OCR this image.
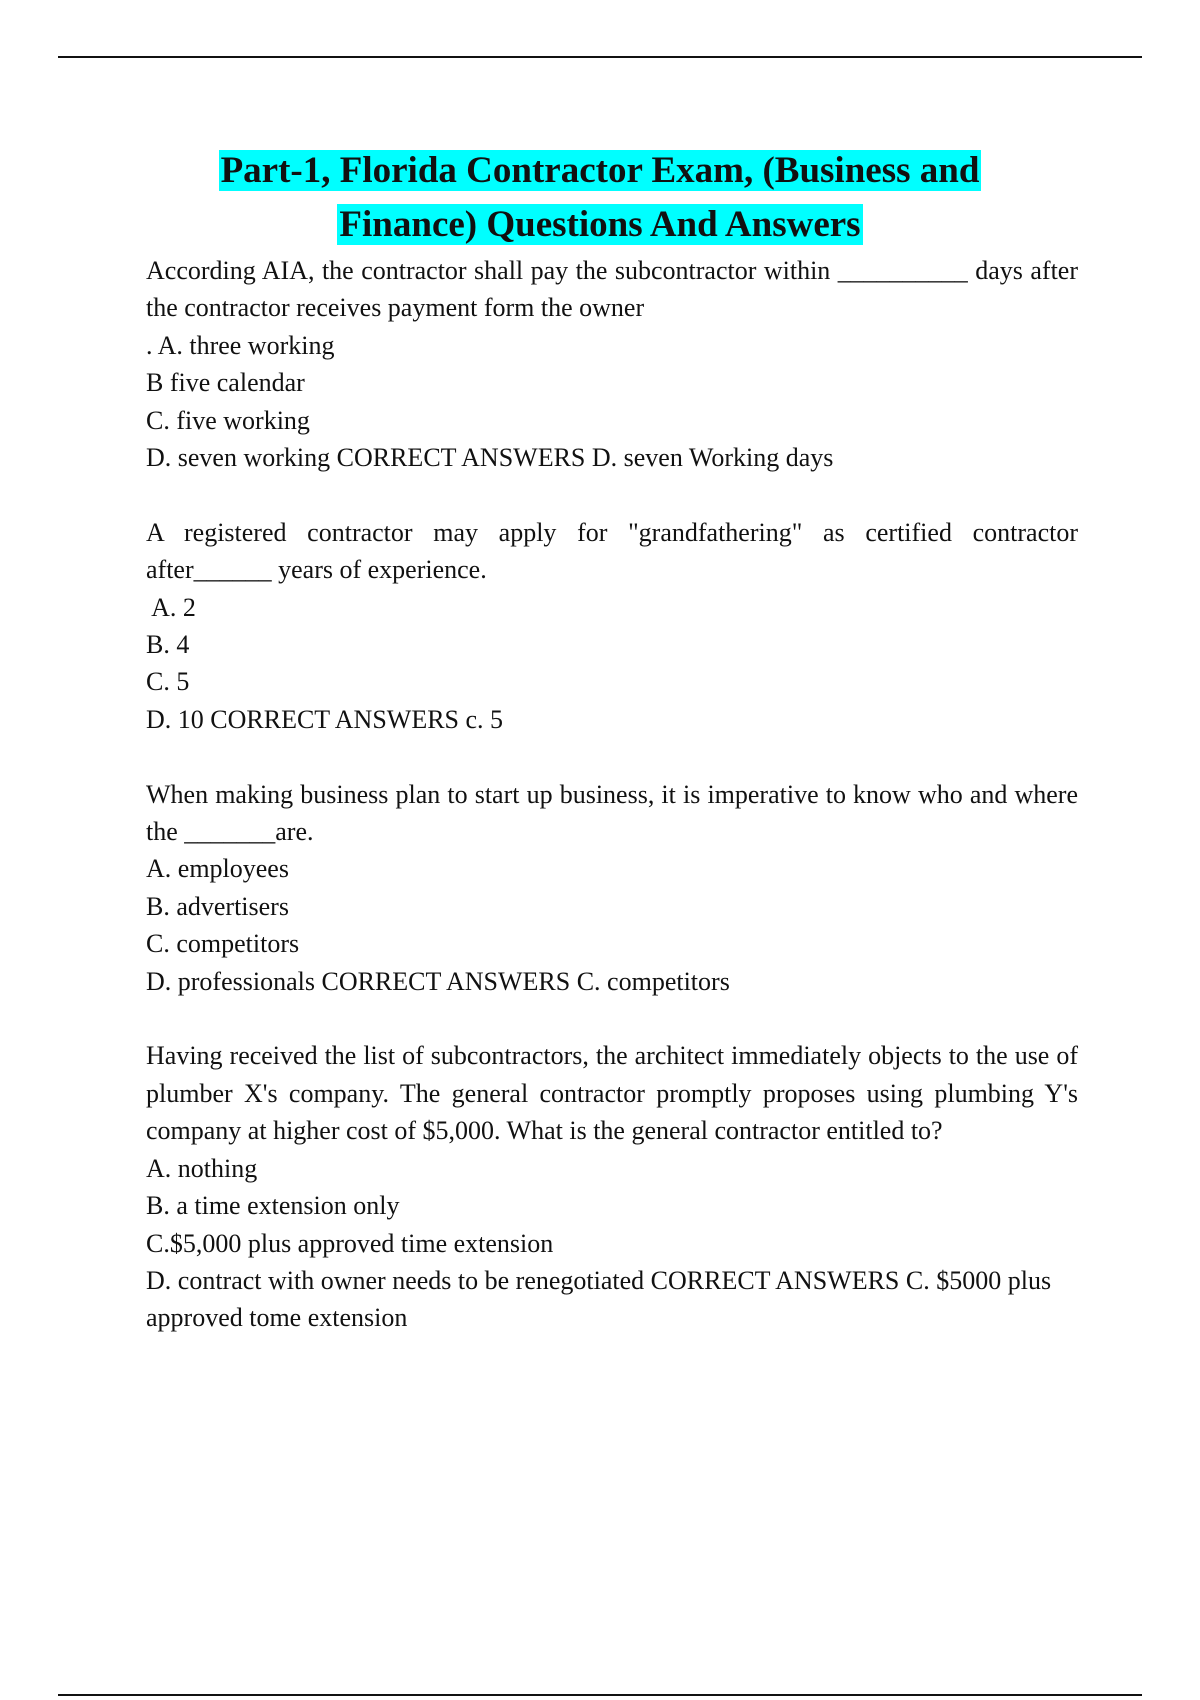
Part-1, Florida Contractor Exam, (Business and
Finance) Questions And Answers

According AIA, the contractor shall pay the subcontractor within __________ days after the contractor receives payment form the owner

. A. three working

B five calendar

C. five working

D. seven working CORRECT ANSWERS D. seven Working days

A registered contractor may apply for "grandfathering" as certified contractor after______ years of experience.

A. 2

B. 4

C. 5

D. 10 CORRECT ANSWERS c. 5

When making business plan to start up business, it is imperative to know who and where the _______are.

A. employees

B. advertisers

C. competitors

D. professionals CORRECT ANSWERS C. competitors

Having received the list of subcontractors, the architect immediately objects to the use of plumber X's company. The general contractor promptly proposes using plumbing Y's company at higher cost of $5,000. What is the general contractor entitled to?

A. nothing

B. a time extension only

C.$5,000 plus approved time extension

D. contract with owner needs to be renegotiated CORRECT ANSWERS C. $5000 plus approved tome extension
